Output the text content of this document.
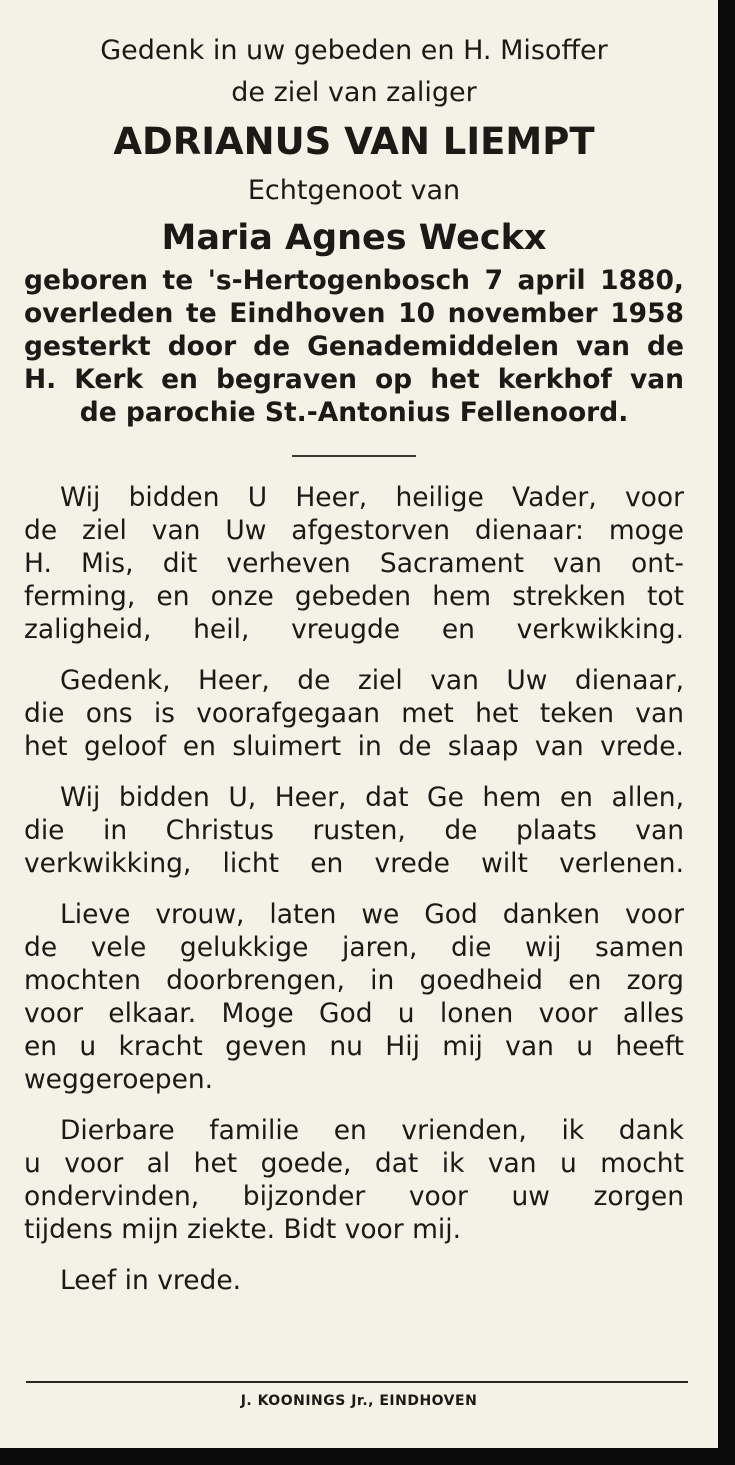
Gedenk in uw gebeden en H. Misoffer

de ziel van zaliger

ADRIANUS VAN LIEMPT

Echtgenoot van

Maria Agnes Weckx

geboren te 's-Hertogenbosch 7 april 1880,

overleden te Eindhoven 10 november 1958

gesterkt door de Genademiddelen van de

H. Kerk en begraven op het kerkhof van

de parochie St.-Antonius Fellenoord.

Wij bidden U Heer, heilige Vader, voor

de ziel van Uw afgestorven dienaar: moge

H. Mis, dit verheven Sacrament van ont-

ferming, en onze gebeden hem strekken tot

zaligheid, heil, vreugde en verkwikking.

Gedenk, Heer, de ziel van Uw dienaar,

die ons is voorafgegaan met het teken van

het geloof en sluimert in de slaap van vrede.

Wij bidden U, Heer, dat Ge hem en allen,

die in Christus rusten, de plaats van

verkwikking, licht en vrede wilt verlenen.

Lieve vrouw, laten we God danken voor

de vele gelukkige jaren, die wij samen

mochten doorbrengen, in goedheid en zorg

voor elkaar. Moge God u lonen voor alles

en u kracht geven nu Hij mij van u heeft

weggeroepen.

Dierbare familie en vrienden, ik dank

u voor al het goede, dat ik van u mocht

ondervinden, bijzonder voor uw zorgen

tijdens mijn ziekte. Bidt voor mij.

Leef in vrede.

J. KOONINGS Jr., EINDHOVEN
